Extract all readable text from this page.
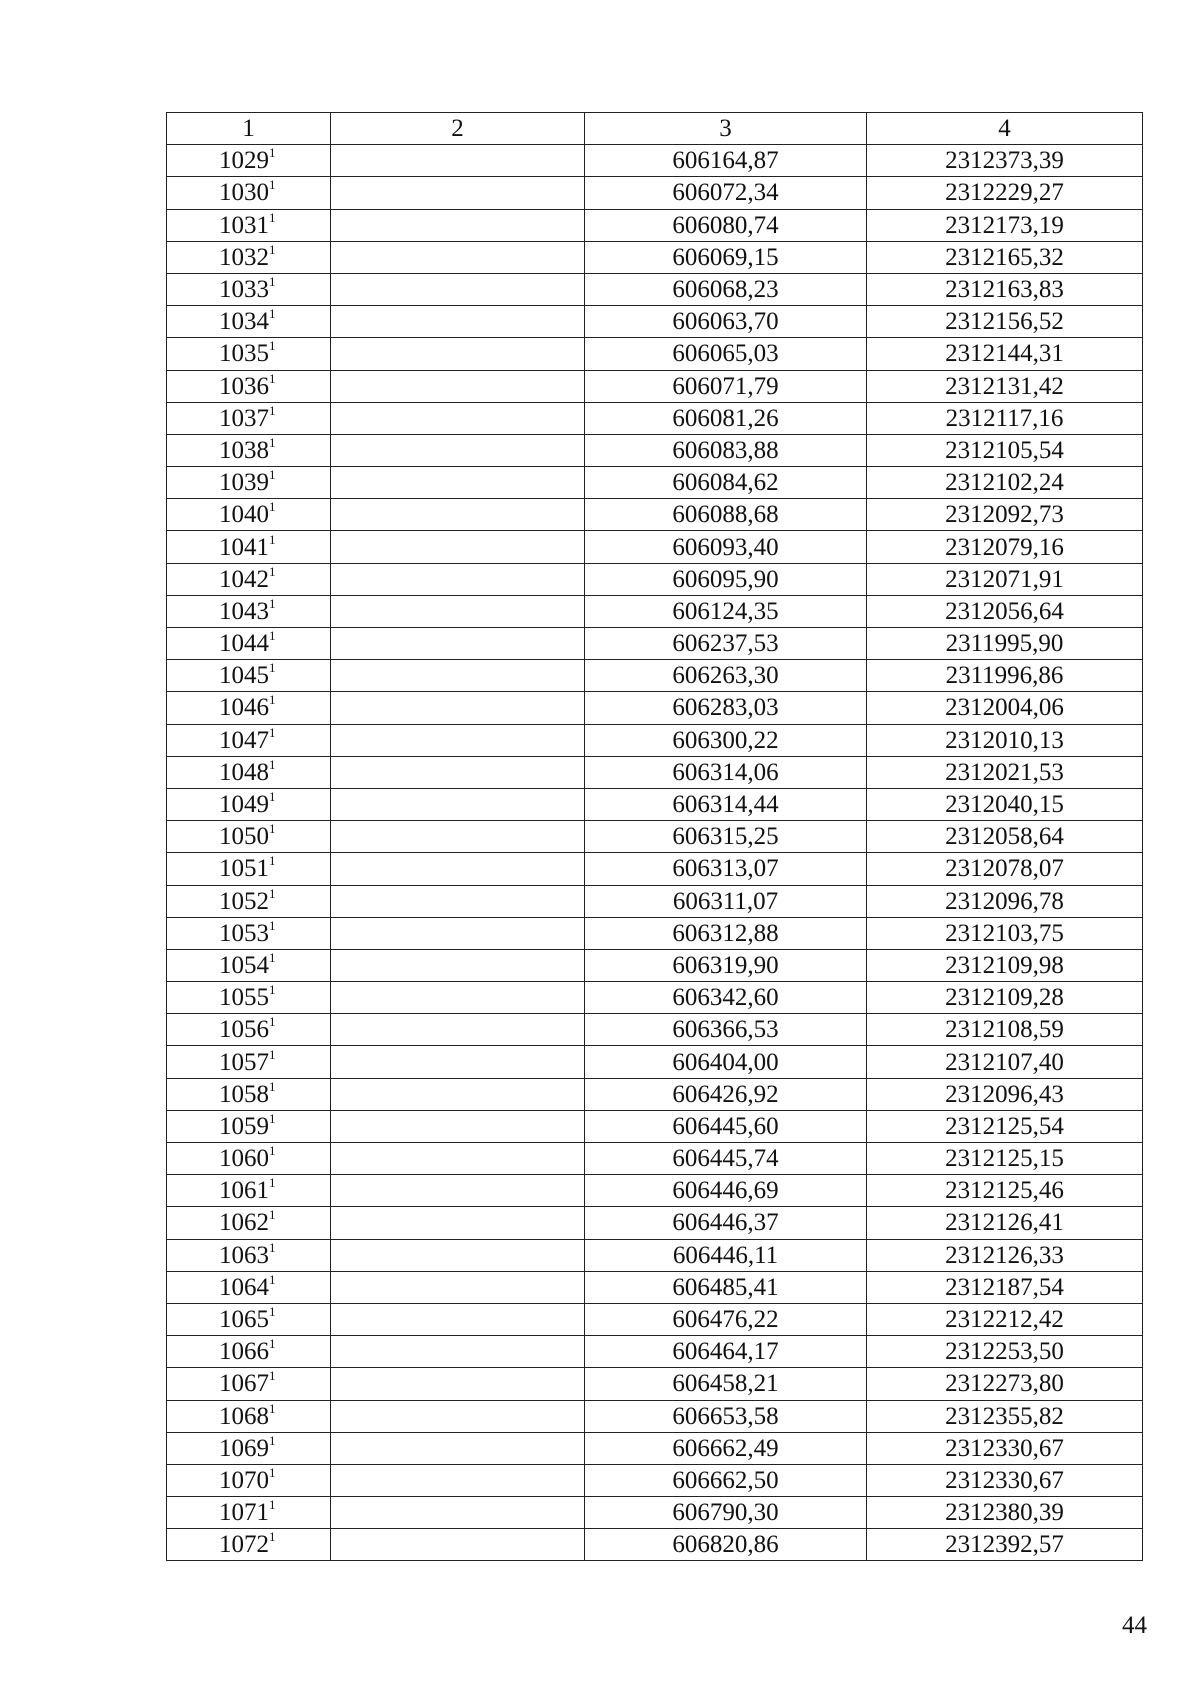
1	2	3	4
1029$^1$		606164,87	2312373,39
1030$^1$		606072,34	2312229,27
1031$^1$		606080,74	2312173,19
1032$^1$		606069,15	2312165,32
1033$^1$		606068,23	2312163,83
1034$^1$		606063,70	2312156,52
1035$^1$		606065,03	2312144,31
1036$^1$		606071,79	2312131,42
1037$^1$		606081,26	2312117,16
1038$^1$		606083,88	2312105,54
1039$^1$		606084,62	2312102,24
1040$^1$		606088,68	2312092,73
1041$^1$		606093,40	2312079,16
1042$^1$		606095,90	2312071,91
1043$^1$		606124,35	2312056,64
1044$^1$		606237,53	2311995,90
1045$^1$		606263,30	2311996,86
1046$^1$		606283,03	2312004,06
1047$^1$		606300,22	2312010,13
1048$^1$		606314,06	2312021,53
1049$^1$		606314,44	2312040,15
1050$^1$		606315,25	2312058,64
1051$^1$		606313,07	2312078,07
1052$^1$		606311,07	2312096,78
1053$^1$		606312,88	2312103,75
1054$^1$		606319,90	2312109,98
1055$^1$		606342,60	2312109,28
1056$^1$		606366,53	2312108,59
1057$^1$		606404,00	2312107,40
1058$^1$		606426,92	2312096,43
1059$^1$		606445,60	2312125,54
1060$^1$		606445,74	2312125,15
1061$^1$		606446,69	2312125,46
1062$^1$		606446,37	2312126,41
1063$^1$		606446,11	2312126,33
1064$^1$		606485,41	2312187,54
1065$^1$		606476,22	2312212,42
1066$^1$		606464,17	2312253,50
1067$^1$		606458,21	2312273,80
1068$^1$		606653,58	2312355,82
1069$^1$		606662,49	2312330,67
1070$^1$		606662,50	2312330,67
1071$^1$		606790,30	2312380,39
1072$^1$		606820,86	2312392,57
44
